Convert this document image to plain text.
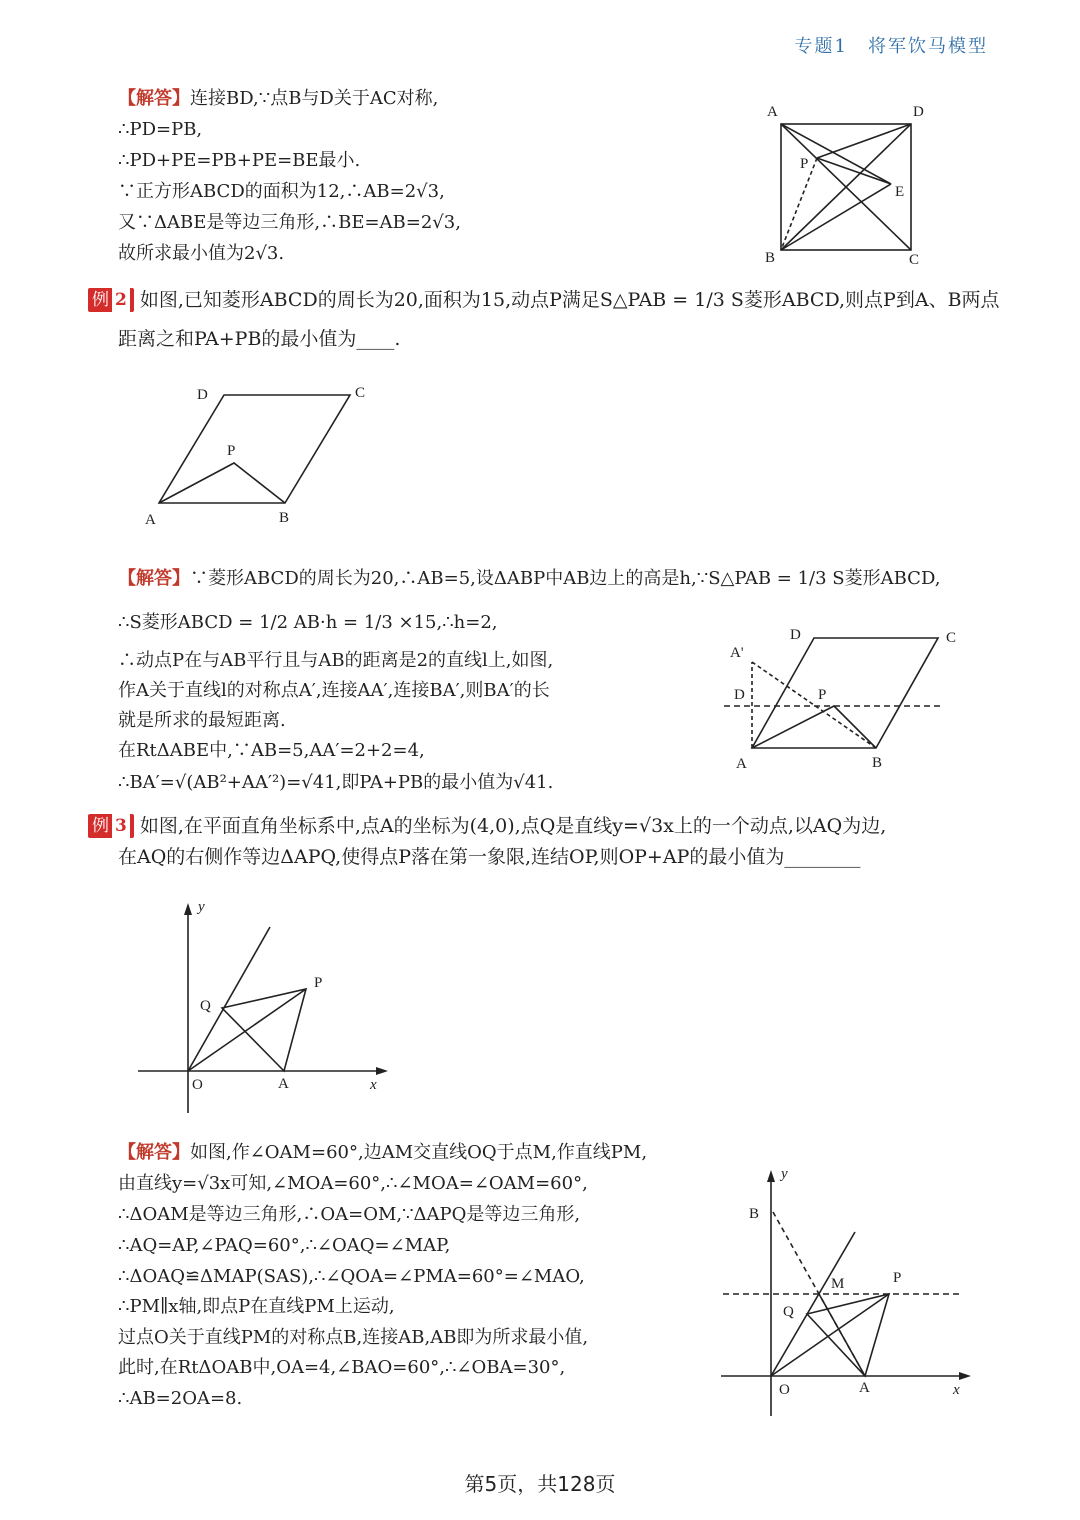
专题1　将军饮马模型
【解答】连接BD,∵点B与D关于AC对称,
∴PD=PB,
∴PD+PE=PB+PE=BE最小.
∵正方形ABCD的面积为12,∴AB=2√3,
又∵ΔABE是等边三角形,∴BE=AB=2√3,
故所求最小值为2√3.
A	D
P
E
B	C
例 2 如图,已知菱形ABCD的周长为20,面积为15,动点P满足S△PAB = 1/3 S菱形ABCD,则点P到A、B两点
距离之和PA+PB的最小值为____.
D	C
P
A	B
【解答】∵菱形ABCD的周长为20,∴AB=5,设ΔABP中AB边上的高是h,∵S△PAB = 1/3 S菱形ABCD,
∴S菱形ABCD = 1/2 AB·h = 1/3 ×15,∴h=2,
∴动点P在与AB平行且与AB的距离是2的直线l上,如图,
作A关于直线l的对称点A′,连接AA′,连接BA′,则BA′的长
就是所求的最短距离.
在RtΔABE中,∵AB=5,AA′=2+2=4,
∴BA′=√(AB²+AA′²)=√41,即PA+PB的最小值为√41.
D	C
A'
D	P
A	B
例 3 如图,在平面直角坐标系中,点A的坐标为(4,0),点Q是直线y=√3x上的一个动点,以AQ为边,
在AQ的右侧作等边ΔAPQ,使得点P落在第一象限,连结OP,则OP+AP的最小值为________
y
x
Q
P
O	A
【解答】如图,作∠OAM=60°,边AM交直线OQ于点M,作直线PM,
由直线y=√3x可知,∠MOA=60°,∴∠MOA=∠OAM=60°,
∴ΔOAM是等边三角形,∴OA=OM,∵ΔAPQ是等边三角形,
∴AQ=AP,∠PAQ=60°,∴∠OAQ=∠MAP,
∴ΔOAQ≌ΔMAP(SAS),∴∠QOA=∠PMA=60°=∠MAO,
∴PM∥x轴,即点P在直线PM上运动,
过点O关于直线PM的对称点B,连接AB,AB即为所求最小值,
此时,在RtΔOAB中,OA=4,∠BAO=60°,∴∠OBA=30°,
∴AB=2OA=8.
y
B
M	P
Q
O	A	x
第5页，共128页
